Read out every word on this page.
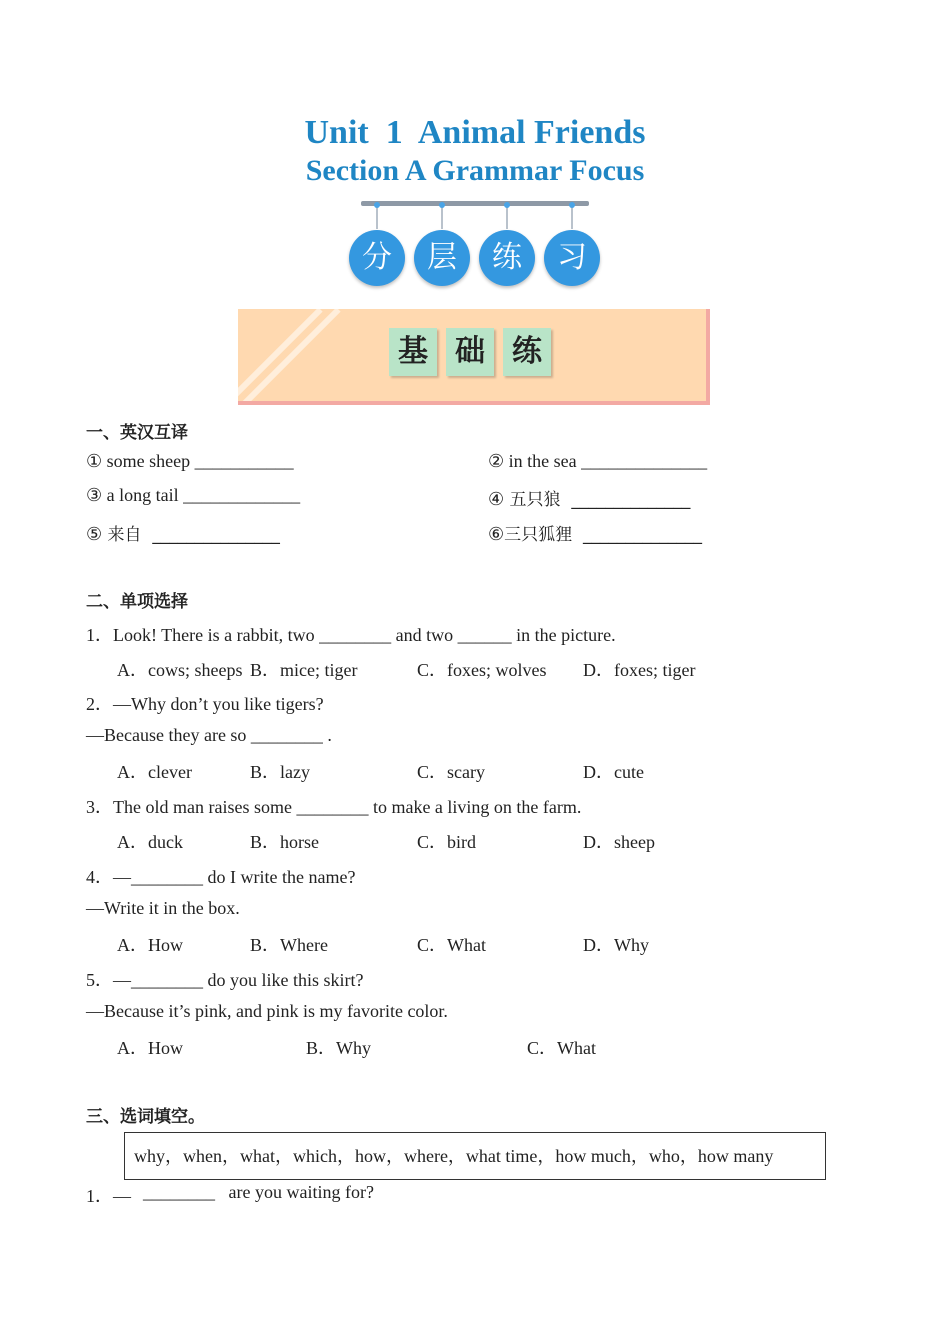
Unit  1  Animal Friends
Section A Grammar Focus
分	层	练	习

基 础 练
一、英汉互译
① some sheep ___________	② in the sea ______________
③ a long tail _____________	④ 五只狼  ______________
⑤ 来自  _______________	⑥三只狐狸  ______________
二、单项选择
1．Look! There is a rabbit, two ________ and two ______ in the picture.
A．cows; sheeps B．mice; tiger	C．foxes; wolves D．foxes; tiger
2．—Why don’t you like tigers?
—Because they are so ________ .
A．clever	B．lazy	C．scary	D．cute
3．The old man raises some ________ to make a living on the farm.
A．duck	B．horse	C．bird	D．sheep
4．—________ do I write the name?
—Write it in the box.
A．How	B．Where	C．What	D．Why
5．—________ do you like this skirt?
—Because it’s pink, and pink is my favorite color.
A．How	B．Why	C．What
三、选词填空。
why，when，what，which，how，where，what time，how much，who，how many
1．— ________   are you waiting for?
